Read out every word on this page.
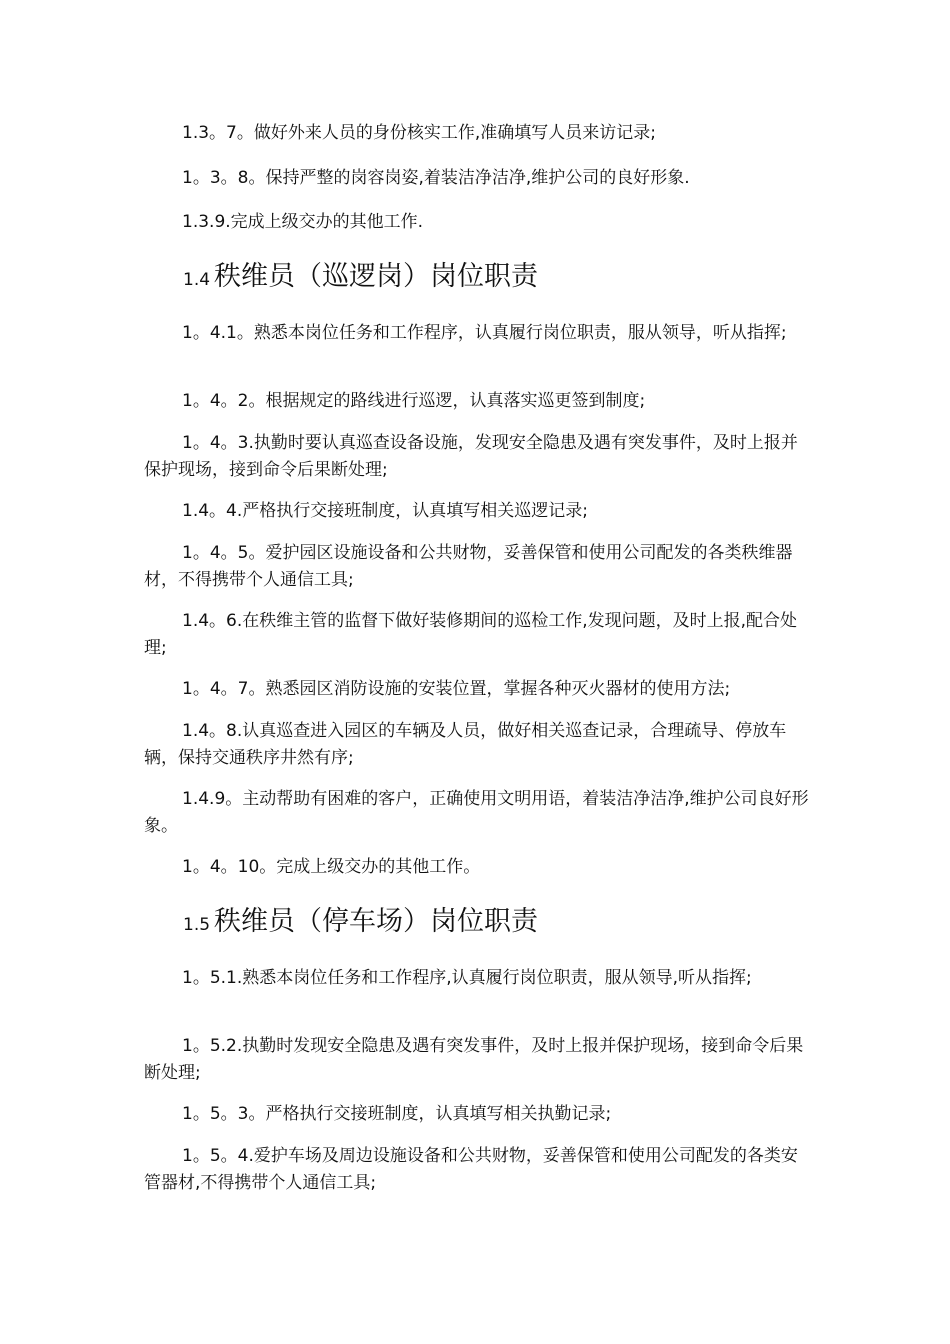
1.3。7。做好外来人员的身份核实工作,准确填写人员来访记录;

1。3。8。保持严整的岗容岗姿,着装洁净洁净,维护公司的良好形象.

1.3.9.完成上级交办的其他工作.

1.4 秩维员（巡逻岗）岗位职责

1。4.1。熟悉本岗位任务和工作程序，认真履行岗位职责，服从领导，听从指挥;

1。4。2。根据规定的路线进行巡逻，认真落实巡更签到制度;

1。4。3.执勤时要认真巡查设备设施，发现安全隐患及遇有突发事件，及时上报并保护现场，接到命令后果断处理;

1.4。4.严格执行交接班制度，认真填写相关巡逻记录;

1。4。5。爱护园区设施设备和公共财物，妥善保管和使用公司配发的各类秩维器材，不得携带个人通信工具;

1.4。6.在秩维主管的监督下做好装修期间的巡检工作,发现问题，及时上报,配合处理;

1。4。7。熟悉园区消防设施的安装位置，掌握各种灭火器材的使用方法;

1.4。8.认真巡查进入园区的车辆及人员，做好相关巡查记录，合理疏导、停放车辆，保持交通秩序井然有序;

1.4.9。主动帮助有困难的客户，正确使用文明用语，着装洁净洁净,维护公司良好形象。

1。4。10。完成上级交办的其他工作。

1.5 秩维员（停车场）岗位职责

1。5.1.熟悉本岗位任务和工作程序,认真履行岗位职责，服从领导,听从指挥;

1。5.2.执勤时发现安全隐患及遇有突发事件，及时上报并保护现场，接到命令后果断处理;

1。5。3。严格执行交接班制度，认真填写相关执勤记录;

1。5。4.爱护车场及周边设施设备和公共财物，妥善保管和使用公司配发的各类安管器材,不得携带个人通信工具;
